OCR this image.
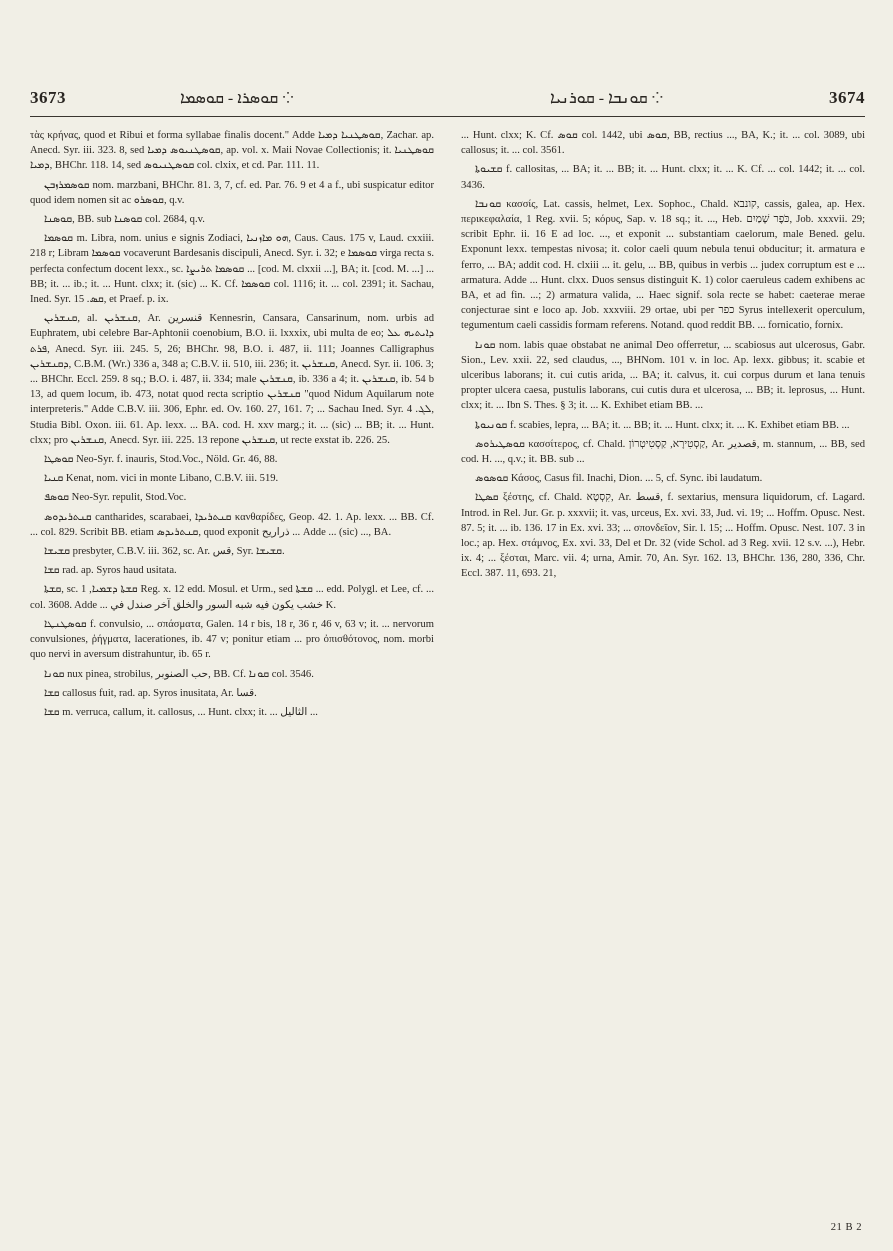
3673	⁘ ܩܘܣܪܐ - ܩܘܣܡܐ	⁘ ܩܘܢܒܐ - ܩܘܪܢܝܐ	3674

τὰς κρήνας, quod et Ribui et forma syllabae finalis docent." Adde ܩܘܣܛܢܝܐ ܕܡܝܐ, Zachar. ap. Anecd. Syr. iii. 323. 8, sed ܩܘܣܛܢܝܘܣ ܕܡܝܐ, ap. vol. x. Maii Novae Collectionis; it. ܩܘܣܛܢܝܐ ܕܡܝܐ, BHChr. 118. 14, sed ܩܘܣܛܢܝܘܣ col. clxix, et cd. Par. 111. 11.

ܩܘܣܡܪܙܒܢ nom. marzbani, BHChr. 81. 3, 7, cf. ed. Par. 76. 9 et 4 a f., ubi suspicatur editor quod idem nomen sit ac ܩܘܣܪܘ, q.v.

ܩܘܣܢܐ, BB. sub ܩܘܣܢܐ col. 2684, q.v.

ܩܘܣܡܐ m. Libra, nom. unius e signis Zodiaci, ܗܘ ܡܐܙܢܝܐ, Caus. Caus. 175 v, Laud. cxxiii. 218 r; Libram ܩܘܣܡܐ vocaverunt Bardesanis discipuli, Anecd. Syr. i. 32; e ܩܘܣܡܐ virga recta s. perfecta confectum docent lexx., sc. ܩܘܣܡܐ ܬܪܝܨܐ ... [cod. M. clxxii ...], BA; it. [cod. M. ...] ... BB; it. ... ib.; it. ... Hunt. clxx; it. (sic) ... K. Cf. ܩܘܣܡܐ col. 1116; it. ... col. 2391; it. Sachau, Ined. Syr. ܩܣ. 15, et Praef. p. ix.

ܩܢܫܪܝܢ, al. ܩܢܫܪܝܢ, Ar. قنسرين Kennesrin, Cansara, Cansarinum, nom. urbis ad Euphratem, ubi celebre Bar-Aphtonii coenobium, B.O. ii. lxxxix, ubi multa de eo; ܕܐܝܬܝܗ ܥܠ ܦܪܬ, Anecd. Syr. iii. 245. 5, 26; BHChr. 98, B.O. i. 487, ii. 111; Joannes Calligraphus ܕܩܢܫܪܝܢ, C.B.M. (Wr.) 336 a, 348 a; C.B.V. ii. 510, iii. 236; it. ܩܢܫܪܝܢ, Anecd. Syr. ii. 106. 3; ... BHChr. Eccl. 259. 8 sq.; B.O. i. 487, ii. 334; male ܩܢܫܪܝܢ, ib. 336 a 4; it. ܩܢܫܪܝܢ, ib. 54 b 13, ad quem locum, ib. 473, notat quod recta scriptio ܩܢܫܪܝܢ "quod Nidum Aquilarum note interpreteris." Adde C.B.V. iii. 306, Ephr. ed. Ov. 160. 27, 161. 7; ... Sachau Ined. Syr. ܠܓ. 4, Studia Bibl. Oxon. iii. 61. Ap. lexx. ... BA. cod. H. xxv marg.; it. ... (sic) ... BB; it. ... Hunt. clxx; pro ܩܢܫܪܝܢ, Anecd. Syr. iii. 225. 13 repone ܩܢܫܪܝܢ, ut recte exstat ib. 226. 25.

ܩܘܣܛܐ Neo-Syr. f. inauris, Stod.Voc., Nöld. Gr. 46, 88.

ܩܢܝܐ Kenat, nom. vici in monte Libano, C.B.V. iii. 519.

ܩܘܣܦ Neo-Syr. repulit, Stod.Voc.

ܩܢܬܪܝܕܘܣ cantharides, scarabaei, ܩܢܬܪܝܕܐ κανθαρίδες, Geop. 42. 1. Ap. lexx. ... BB. Cf. ... col. 829. Scribit BB. etiam ܩܢܬܪܝܕܣ, quod exponit ذراريح ... Adde ... (sic) ..., BA.

ܩܫܝܫܐ presbyter, C.B.V. iii. 362, sc. Ar. قس, Syr. ܩܫܝܫܐ.

ܩܫܐ rad. ap. Syros haud usitata.

ܩܫܬܐ, sc. ܩܫܬܐ ܕܫܡܝܐ, 1 Reg. x. 12 edd. Mosul. et Urm., sed ܩܫܬܐ ... edd. Polygl. et Lee, cf. ... col. 3608. Adde ... خشب يكون فيه شبه السور والخلق آخر صندل في K.

ܩܘܣܛܢܛܐ f. convulsio, ... σπάσματα, Galen. 14 r bis, 18 r, 36 r, 46 v, 63 v; it. ... nervorum convulsiones, ῥήγματα, lacerationes, ib. 47 v; ponitur etiam ... pro ὀπισθότονος, nom. morbi quo nervi in aversum distrahuntur, ib. 65 r.

ܩܘܢܐ nux pinea, strobilus, حب الصنوبر, BB. Cf. ܩܘܢܐ col. 3546.

ܩܫܐ callosus fuit, rad. ap. Syros inusitata, Ar. قسا.

ܩܫܐ m. verruca, callum, it. callosus, ... Hunt. clxx; it. ... الثاليل ...

... Hunt. clxx; K. Cf. ܩܘܣ col. 1442, ubi ܩܘܣ, BB, rectius ..., BA, K.; it. ... col. 3089, ubi callosus; it. ... col. 3561.

ܩܫܝܘܬܐ f. callositas, ... BA; it. ... BB; it. ... Hunt. clxx; it. ... K. Cf. ... col. 1442; it. ... col. 3436.

ܩܘܢܒܐ κασσίς, Lat. cassis, helmet, Lex. Sophoc., Chald. קונבא, cassis, galea, ap. Hex. περικεφαλαία, 1 Reg. xvii. 5; κόρυς, Sap. v. 18 sq.; it. ..., Heb. כֹּפֶר שָׁמַיִם, Job. xxxvii. 29; scribit Ephr. ii. 16 E ad loc. ..., et exponit ... substantiam caelorum, male Bened. gelu. Exponunt lexx. tempestas nivosa; it. color caeli quum nebula tenui obducitur; it. armatura e ferro, ... BA; addit cod. H. clxiii ... it. gelu, ... BB, quibus in verbis ... judex corruptum est e ... armatura. Adde ... Hunt. clxx. Duos sensus distinguit K. 1) color caeruleus cadem exhibens ac BA, et ad fin. ...; 2) armatura valida, ... Haec signif. sola recte se habet: caeterae merae conjecturae sint e loco ap. Job. xxxviii. 29 ortae, ubi per כפר Syrus intellexerit operculum, tegumentum caeli cassidis formam referens. Notand. quod reddit BB. ... fornicatio, fornix.

ܩܘܢܐ nom. labis quae obstabat ne animal Deo offerretur, ... scabiosus aut ulcerosus, Gabr. Sion., Lev. xxii. 22, sed claudus, ..., BHNom. 101 v. in loc. Ap. lexx. gibbus; it. scabie et ulceribus laborans; it. cui cutis arida, ... BA; it. calvus, it. cui corpus durum et lana tenuis propter ulcera caesa, pustulis laborans, cui cutis dura et ulcerosa, ... BB; it. leprosus, ... Hunt. clxx; it. ... Ibn S. Thes. § 3; it. ... K. Exhibet etiam BB. ...

ܩܘܢܝܘܬܐ f. scabies, lepra, ... BA; it. ... BB; it. ... Hunt. clxx; it. ... K. Exhibet etiam BB. ...

ܩܘܣܛܝܪܘܣ κασσίτερος, cf. Chald. קַסְטִירָא, קַסְטִיטְרוֹן, Ar. قصدير, m. stannum, ... BB, sed cod. H. ..., q.v.; it. BB. sub ...

ܩܘܣܘܣ Κάσος, Casus fil. Inachi, Dion. ... 5, cf. Sync. ibi laudatum.

ܩܣܛܐ ξέστης, cf. Chald. קִסְטָא, Ar. قسط, f. sextarius, mensura liquidorum, cf. Lagard. Introd. in Rel. Jur. Gr. p. xxxvii; it. vas, urceus, Ex. xvi. 33, Jud. vi. 19; ... Hoffm. Opusc. Nest. 87. 5; it. ... ib. 136. 17 in Ex. xvi. 33; ... σπονδεῖον, Sir. l. 15; ... Hoffm. Opusc. Nest. 107. 3 in loc.; ap. Hex. στάμνος, Ex. xvi. 33, Del et Dr. 32 (vide Schol. ad 3 Reg. xvii. 12 s.v. ...), Hebr. ix. 4; ... ξέσται, Marc. vii. 4; urna, Amir. 70, An. Syr. 162. 13, BHChr. 136, 280, 336, Chr. Eccl. 387. 11, 693. 21,

21 B 2
